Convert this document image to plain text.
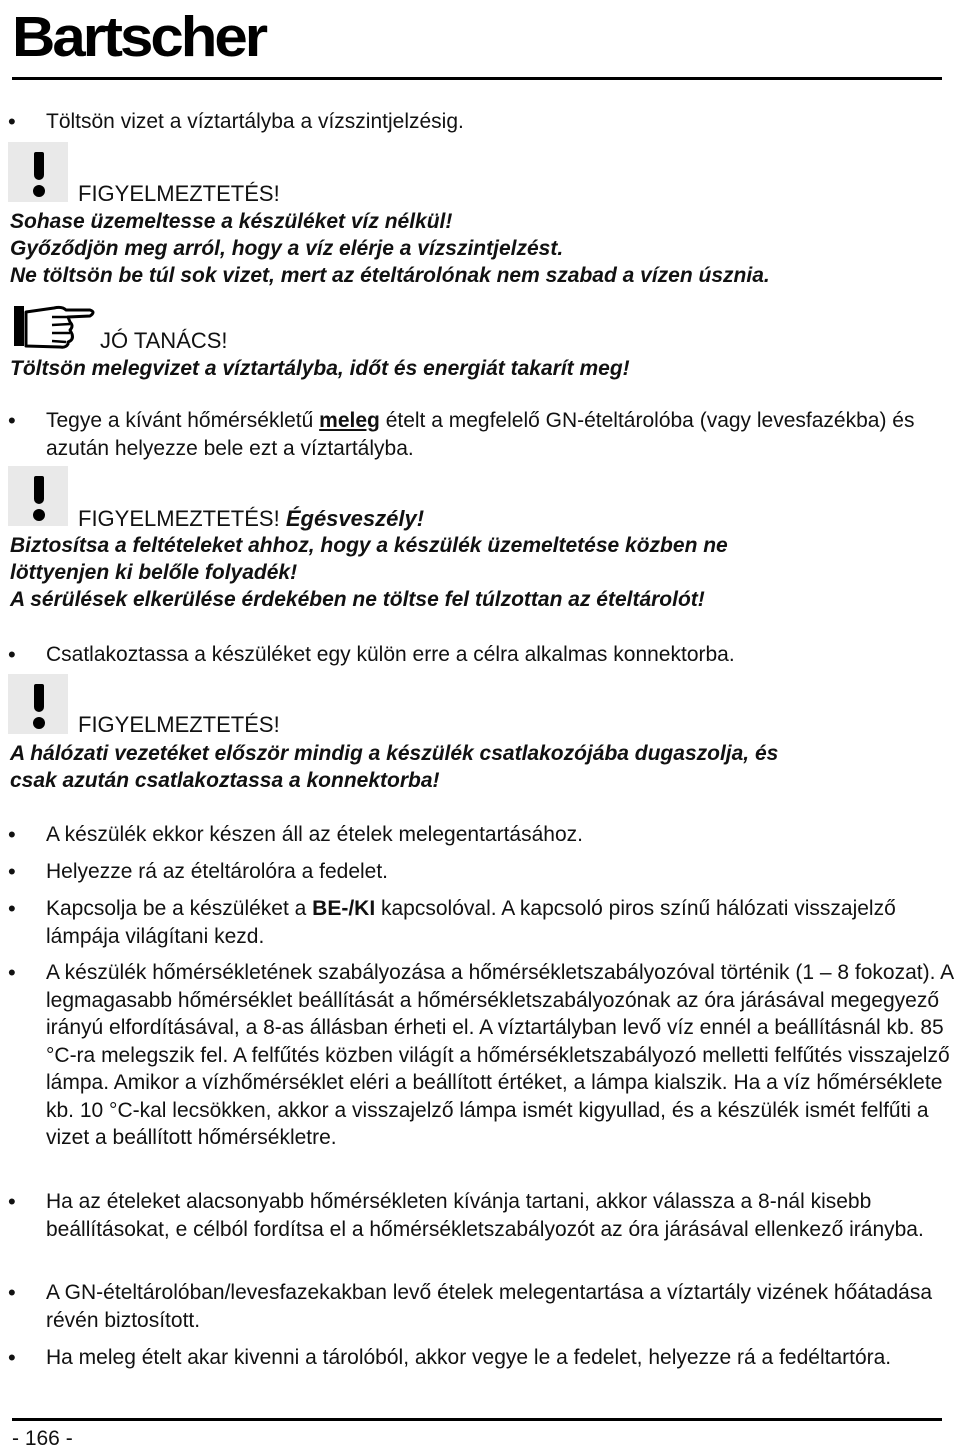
Bartscher
• Töltsön vizet a víztartályba a vízszintjelzésig.
FIGYELMEZTETÉS!
Sohase üzemeltesse a készüléket víz nélkül!
Győződjön meg arról, hogy a víz elérje a vízszintjelzést.
Ne töltsön be túl sok vizet, mert az ételtárolónak nem szabad a vízen úsznia.
JÓ TANÁCS!
Töltsön melegvizet a víztartályba, időt és energiát takarít meg!
• Tegye a kívánt hőmérsékletű meleg ételt a megfelelő GN-ételtárolóba (vagy levesfazékba) és azután helyezze bele ezt a víztartályba.
FIGYELMEZTETÉS! Égésveszély!
Biztosítsa a feltételeket ahhoz, hogy a készülék üzemeltetése közben ne
löttyenjen ki belőle folyadék!
A sérülések elkerülése érdekében ne töltse fel túlzottan az ételtárolót!
• Csatlakoztassa a készüléket egy külön erre a célra alkalmas konnektorba.
FIGYELMEZTETÉS!
A hálózati vezetéket először mindig a készülék csatlakozójába dugaszolja, és
csak azután csatlakoztassa a konnektorba!
• A készülék ekkor készen áll az ételek melegentartásához.
• Helyezze rá az ételtárolóra a fedelet.
• Kapcsolja be a készüléket a BE-/KI kapcsolóval. A kapcsoló piros színű hálózati visszajelző lámpája világítani kezd.
• A készülék hőmérsékletének szabályozása a hőmérsékletszabályozóval történik (1 – 8 fokozat). A legmagasabb hőmérséklet beállítását a hőmérsékletszabályozónak az óra járásával megegyező irányú elfordításával, a 8-as állásban érheti el. A víztartályban levő víz ennél a beállításnál kb. 85 °C-ra melegszik fel. A felfűtés közben világít a hőmérsékletszabályozó melletti felfűtés visszajelző lámpa. Amikor a vízhőmérséklet eléri a beállított értéket, a lámpa kialszik. Ha a víz hőmérséklete kb. 10 °C-kal lecsökken, akkor a visszajelző lámpa ismét kigyullad, és a készülék ismét felfűti a vizet a beállított hőmérsékletre.
• Ha az ételeket alacsonyabb hőmérsékleten kívánja tartani, akkor válassza a 8-nál kisebb beállításokat, e célból fordítsa el a hőmérsékletszabályozót az óra járásával ellenkező irányba.
• A GN-ételtárolóban/levesfazekakban levő ételek melegentartása a víztartály vizének hőátadása révén biztosított.
• Ha meleg ételt akar kivenni a tárolóból, akkor vegye le a fedelet, helyezze rá a fedéltartóra.
- 166 -
